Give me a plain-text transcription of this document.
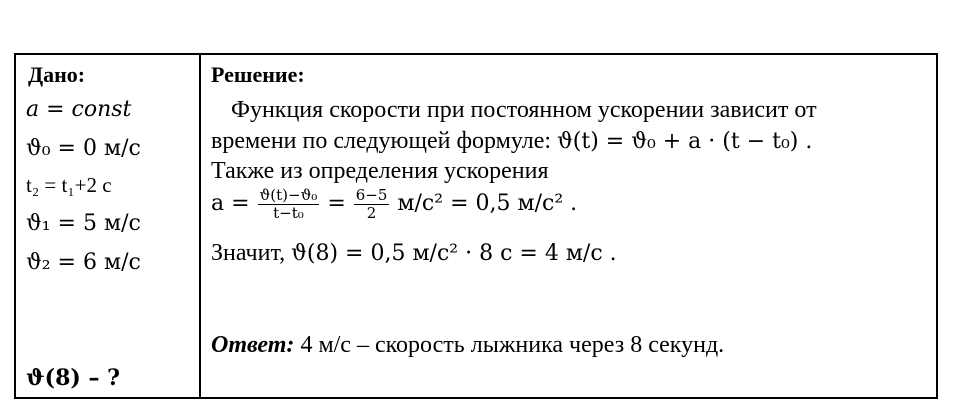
Дано:
a = const
ϑ₀ = 0 м/с
t₂ = t₁+2 с
ϑ₁ = 5 м/с
ϑ₂ = 6 м/с
ϑ(8) – ?
Решение:
Функция скорости при постоянном ускорении зависит от
времени по следующей формуле: ϑ(t) = ϑ₀ + a · (t − t₀) .
Также из определения ускорения
$a = \frac{\text{ϑ(t)−ϑ₀}}{\text{t−t₀}} = \frac{6-5}{2} м/с^2 = 0,5$ м/с² .
Значит, ϑ(8) = 0,5 м/с² · 8 с = 4 м/с .
Ответ: 4 м/с – скорость лыжника через 8 секунд.
